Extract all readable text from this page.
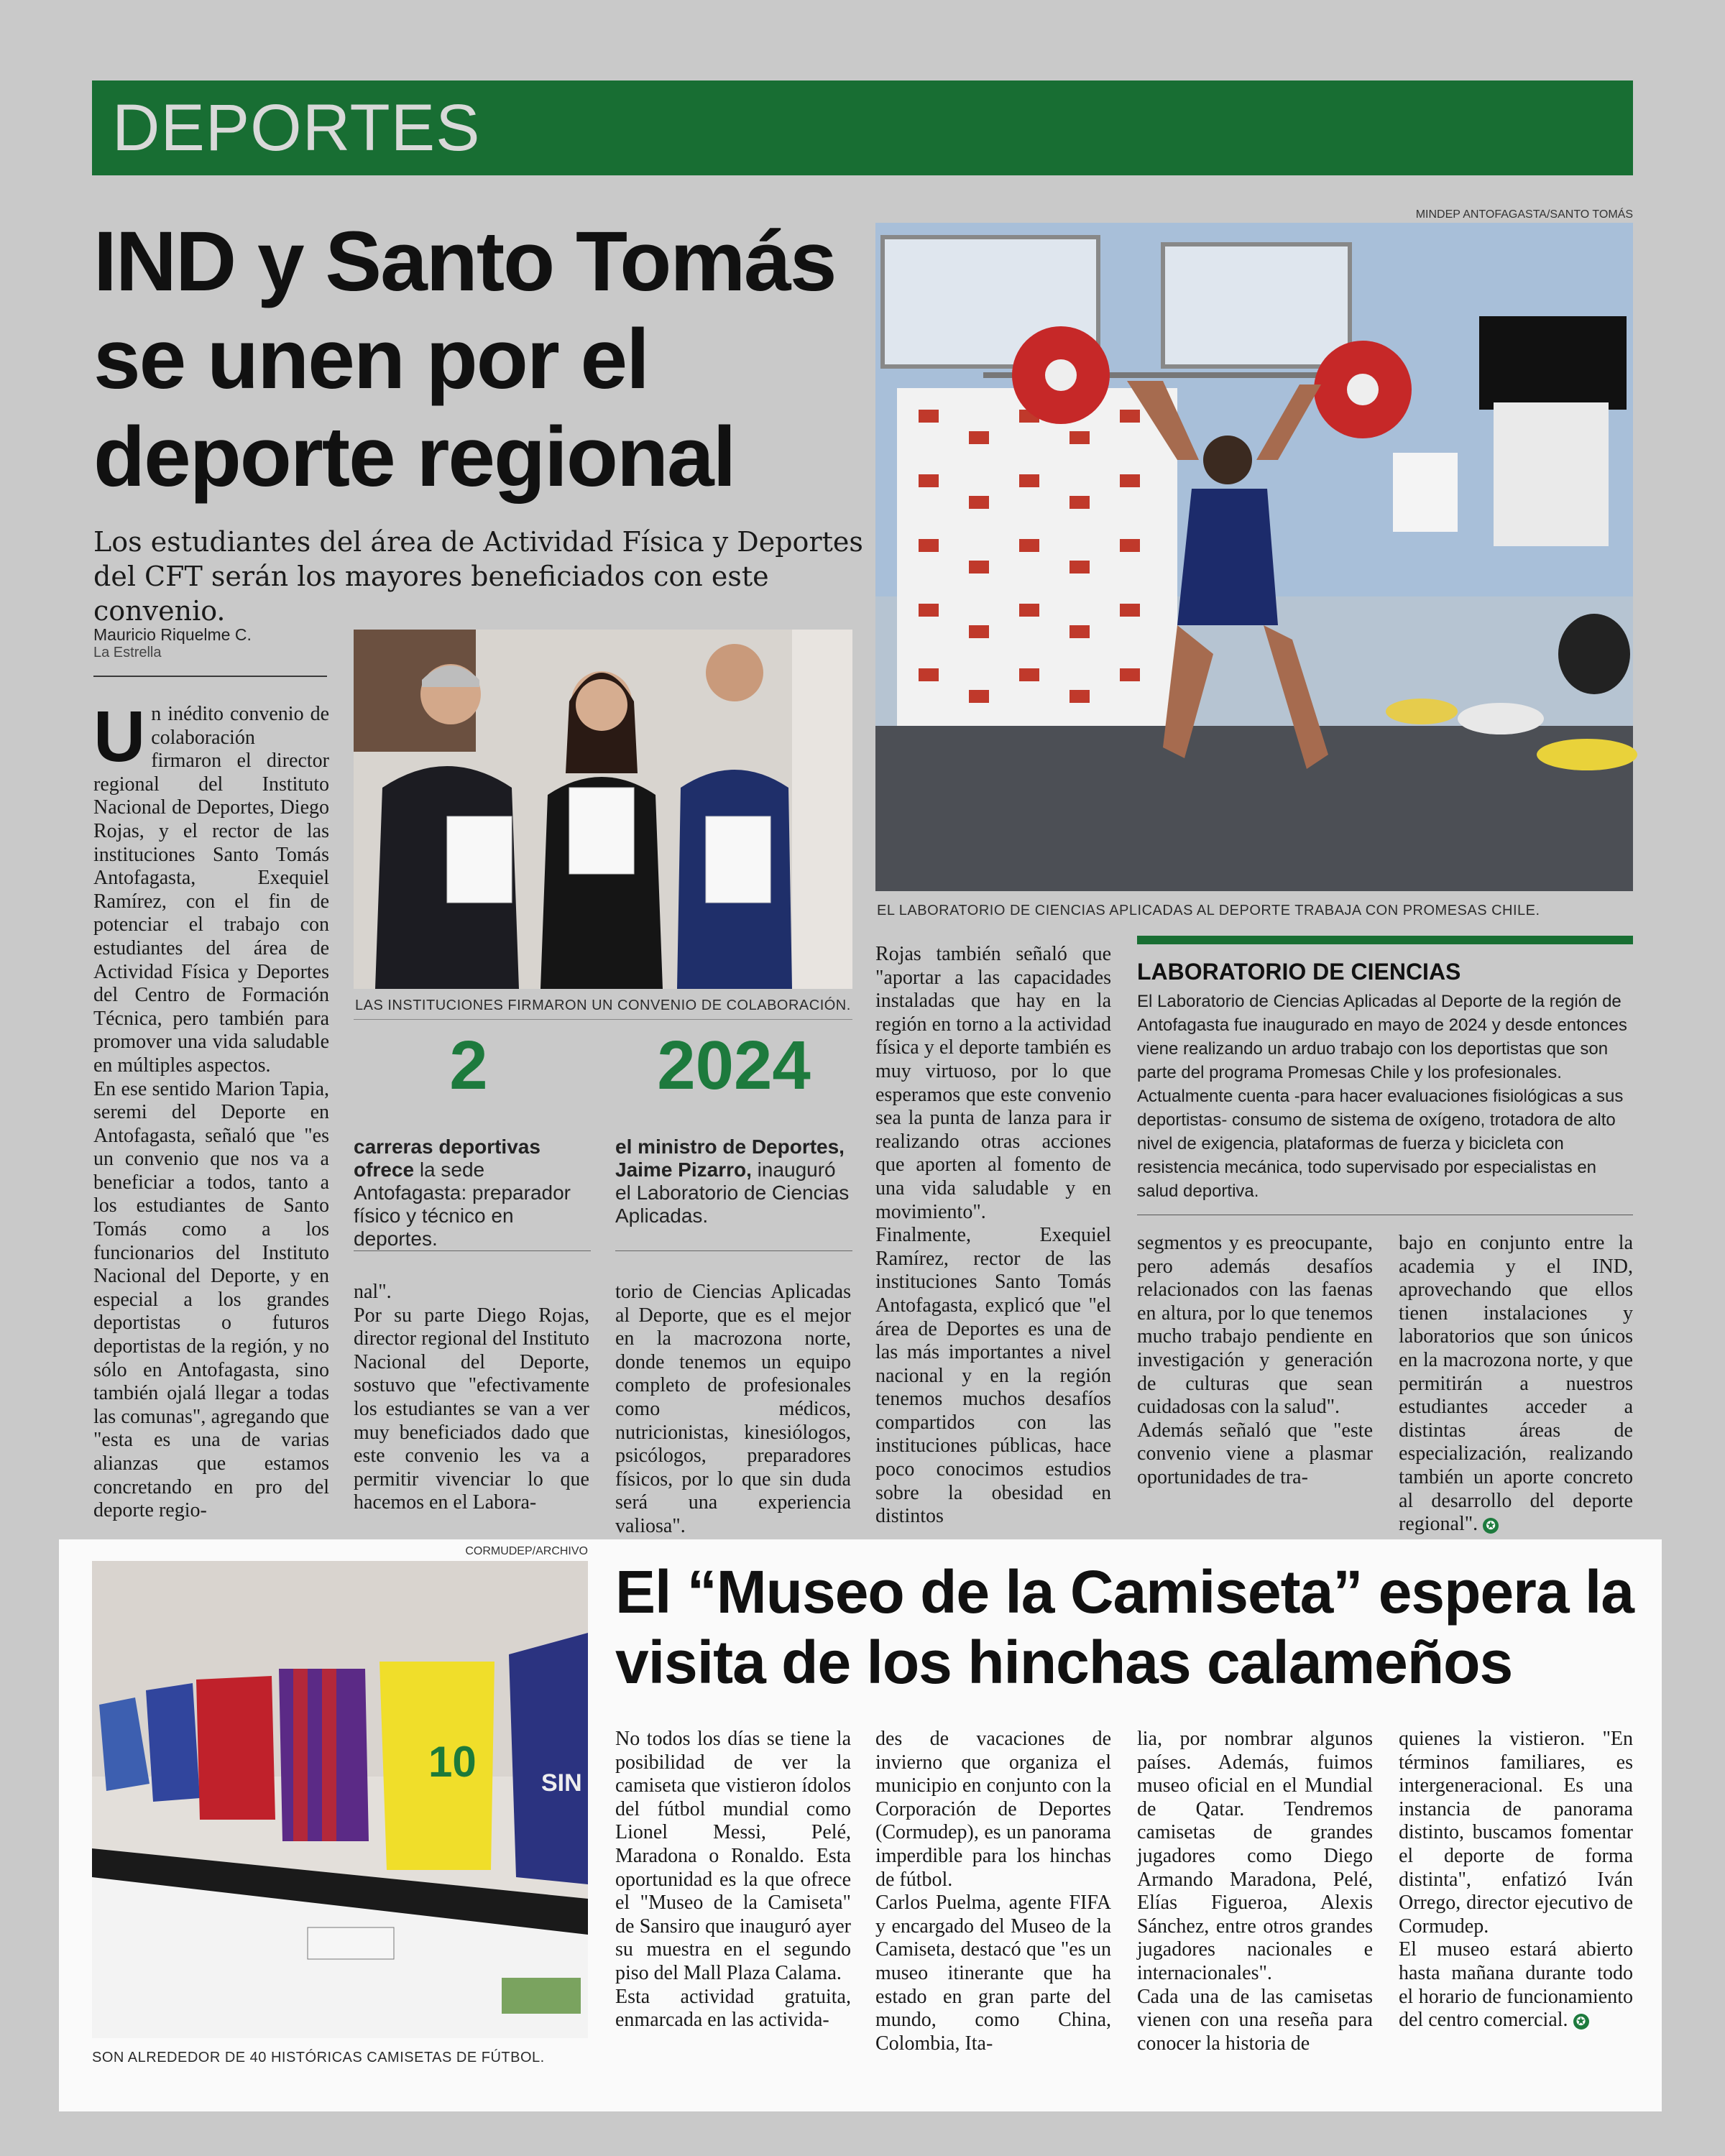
DEPORTES
IND y Santo Tomás se unen por el deporte regional
Los estudiantes del área de Actividad Física y Deportes del CFT serán los mayores beneficiados con este convenio.
Mauricio Riquelme C.
La Estrella
MINDEP ANTOFAGASTA/SANTO TOMÁS
EL LABORATORIO DE CIENCIAS APLICADAS AL DEPORTE TRABAJA CON PROMESAS CHILE.
LAS INSTITUCIONES FIRMARON UN CONVENIO DE COLABORACIÓN.
Un inédito convenio de colaboración firmaron el director regional del Instituto Nacional de Deportes, Diego Rojas, y el rector de las instituciones Santo Tomás Antofagasta, Exequiel Ramírez, con el fin de potenciar el trabajo con estudiantes del área de Actividad Física y Deportes del Centro de Formación Técnica, pero también para promover una vida saludable en múltiples aspectos.
En ese sentido Marion Tapia, seremi del Deporte en Antofagasta, señaló que "es un convenio que nos va a beneficiar a todos, tanto a los estudiantes de Santo Tomás como a los funcionarios del Instituto Nacional del Deporte, y en especial a los grandes deportistas o futuros deportistas de la región, y no sólo en Antofagasta, sino también ojalá llegar a todas las comunas", agregando que "esta es una de varias alianzas que estamos concretando en pro del deporte regio-
2
carreras deportivas ofrece la sede Antofagasta: preparador físico y técnico en deportes.
2024
el ministro de Deportes, Jaime Pizarro, inauguró el Laboratorio de Ciencias Aplicadas.
nal".
Por su parte Diego Rojas, director regional del Instituto Nacional del Deporte, sostuvo que "efectivamente los estudiantes se van a ver muy beneficiados dado que este convenio les va a permitir vivenciar lo que hacemos en el Labora-
torio de Ciencias Aplicadas al Deporte, que es el mejor en la macrozona norte, donde tenemos un equipo completo de profesionales como médicos, nutricionistas, kinesiólogos, psicólogos, preparadores físicos, por lo que sin duda será una experiencia valiosa".
Rojas también señaló que "aportar a las capacidades instaladas que hay en la región en torno a la actividad física y el deporte también es muy virtuoso, por lo que esperamos que este convenio sea la punta de lanza para ir realizando otras acciones que aporten al fomento de una vida saludable y en movimiento".
Finalmente, Exequiel Ramírez, rector de las instituciones Santo Tomás Antofagasta, explicó que "el área de Deportes es una de las más importantes a nivel nacional y en la región tenemos muchos desafíos compartidos con las instituciones públicas, hace poco conocimos estudios sobre la obesidad en distintos
LABORATORIO DE CIENCIAS
El Laboratorio de Ciencias Aplicadas al Deporte de la región de Antofagasta fue inaugurado en mayo de 2024 y desde entonces viene realizando un arduo trabajo con los deportistas que son parte del programa Promesas Chile y los profesionales. Actualmente cuenta -para hacer evaluaciones fisiológicas a sus deportistas- consumo de sistema de oxígeno, trotadora de alto nivel de exigencia, plataformas de fuerza y bicicleta con resistencia mecánica, todo supervisado por especialistas en salud deportiva.
segmentos y es preocupante, pero además desafíos relacionados con las faenas en altura, por lo que tenemos mucho trabajo pendiente en investigación y generación de culturas que sean cuidadosas con la salud".
Además señaló que "este convenio viene a plasmar oportunidades de tra-
bajo en conjunto entre la academia y el IND, aprovechando que ellos tienen instalaciones y laboratorios que son únicos en la macrozona norte, y que permitirán a nuestros estudiantes acceder a distintas áreas de especialización, realizando también un aporte concreto al desarrollo del deporte regional". ✪
CORMUDEP/ARCHIVO
10	SIN
SON ALREDEDOR DE 40 HISTÓRICAS CAMISETAS DE FÚTBOL.
El “Museo de la Camiseta” espera la visita de los hinchas calameños
No todos los días se tiene la posibilidad de ver la camiseta que vistieron ídolos del fútbol mundial como Lionel Messi, Pelé, Maradona o Ronaldo. Esta oportunidad es la que ofrece el "Museo de la Camiseta" de Sansiro que inauguró ayer su muestra en el segundo piso del Mall Plaza Calama.
Esta actividad gratuita, enmarcada en las activida-
des de vacaciones de invierno que organiza el municipio en conjunto con la Corporación de Deportes (Cormudep), es un panorama imperdible para los hinchas de fútbol.
Carlos Puelma, agente FIFA y encargado del Museo de la Camiseta, destacó que "es un museo itinerante que ha estado en gran parte del mundo, como China, Colombia, Ita-
lia, por nombrar algunos países. Además, fuimos museo oficial en el Mundial de Qatar. Tendremos camisetas de grandes jugadores como Diego Armando Maradona, Pelé, Elías Figueroa, Alexis Sánchez, entre otros grandes jugadores nacionales e internacionales".
Cada una de las camisetas vienen con una reseña para conocer la historia de
quienes la vistieron. "En términos familiares, es intergeneracional. Es una instancia de panorama distinto, buscamos fomentar el deporte de forma distinta", enfatizó Iván Orrego, director ejecutivo de Cormudep.
El museo estará abierto hasta mañana durante todo el horario de funcionamiento del centro comercial. ✪
